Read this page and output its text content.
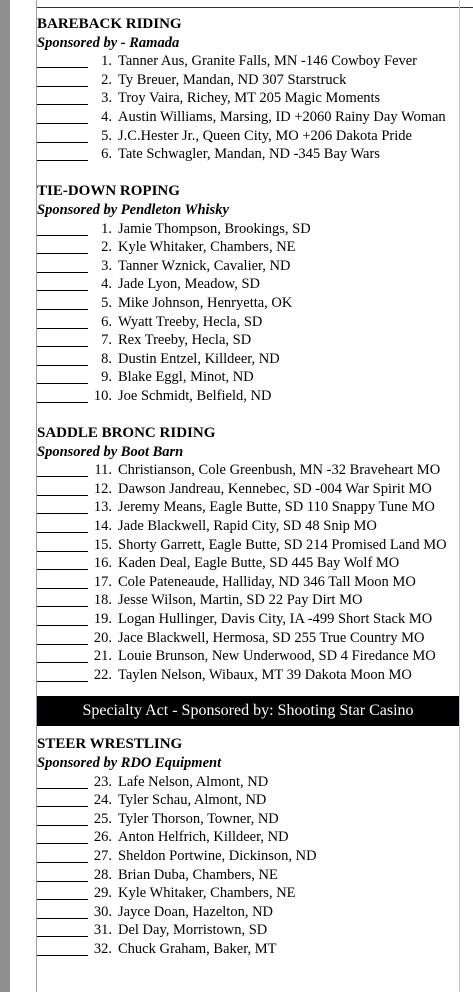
BAREBACK RIDING
Sponsored by - Ramada
1. Tanner Aus, Granite Falls, MN -146 Cowboy Fever
2. Ty Breuer, Mandan, ND 307 Starstruck
3. Troy Vaira, Richey, MT 205 Magic Moments
4. Austin Williams, Marsing, ID +2060 Rainy Day Woman
5. J.C.Hester Jr., Queen City, MO +206 Dakota Pride
6. Tate Schwagler, Mandan, ND -345 Bay Wars
TIE-DOWN ROPING
Sponsored by Pendleton Whisky
1. Jamie Thompson, Brookings, SD
2. Kyle Whitaker, Chambers, NE
3. Tanner Wznick, Cavalier, ND
4. Jade Lyon, Meadow, SD
5. Mike Johnson, Henryetta, OK
6. Wyatt Treeby, Hecla, SD
7. Rex Treeby, Hecla, SD
8. Dustin Entzel, Killdeer, ND
9. Blake Eggl, Minot, ND
10. Joe Schmidt, Belfield, ND
SADDLE BRONC RIDING
Sponsored by Boot Barn
11. Christianson, Cole Greenbush, MN -32 Braveheart MO
12. Dawson Jandreau, Kennebec, SD -004 War Spirit MO
13. Jeremy Means, Eagle Butte, SD 110 Snappy Tune MO
14. Jade Blackwell, Rapid City, SD 48 Snip MO
15. Shorty Garrett, Eagle Butte, SD 214 Promised Land MO
16. Kaden Deal, Eagle Butte, SD 445 Bay Wolf MO
17. Cole Pateneaude, Halliday, ND 346 Tall Moon MO
18. Jesse Wilson, Martin, SD 22 Pay Dirt MO
19. Logan Hullinger, Davis City, IA -499 Short Stack MO
20. Jace Blackwell, Hermosa, SD 255 True Country MO
21. Louie Brunson, New Underwood, SD 4 Firedance MO
22. Taylen Nelson, Wibaux, MT 39 Dakota Moon MO
Specialty Act - Sponsored by: Shooting Star Casino
STEER WRESTLING
Sponsored by RDO Equipment
23. Lafe Nelson, Almont, ND
24. Tyler Schau, Almont, ND
25. Tyler Thorson, Towner, ND
26. Anton Helfrich, Killdeer, ND
27. Sheldon Portwine, Dickinson, ND
28. Brian Duba, Chambers, NE
29. Kyle Whitaker, Chambers, NE
30. Jayce Doan, Hazelton, ND
31. Del Day, Morristown, SD
32. Chuck Graham, Baker, MT
